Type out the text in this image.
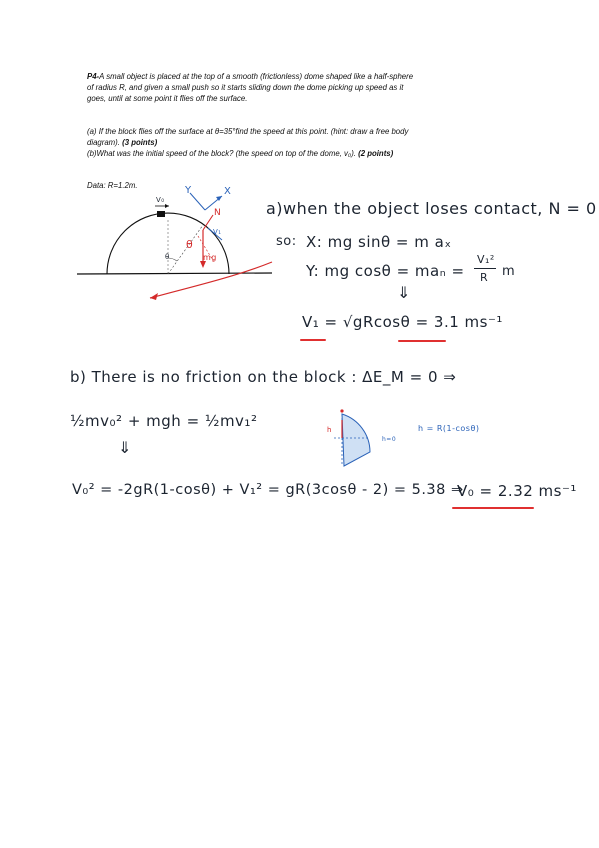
P4-A small object is placed at the top of a smooth (frictionless) dome shaped like a half-sphere
of radius R, and given a small push so it starts sliding down the dome picking up speed as it
goes, until at some point it flies off the surface.
(a) If the block flies off the surface at θ=35°find the speed at this point. (hint: draw a free body
diagram). (3 points)
(b)What was the initial speed of the block? (the speed on top of the dome, v₀). (2 points)
Data: R=1.2m.
V₀
Y	X
N
V₁
θ
θ	mg
a)when the object loses contact, N = 0
so: X: mg sinθ = m aₓ
Y: mg cosθ = maₙ =
V₁²
R m
⇓
V₁ = √gRcosθ = 3.1 ms⁻¹
b) There is no friction on the block : ΔE_M = 0 ⇒
½mv₀² + mgh = ½mv₁²
⇓
h
h=0
h = R(1-cosθ)
V₀² = -2gR(1-cosθ) + V₁² = gR(3cosθ - 2) = 5.38 ⇒
V₀ = 2.32 ms⁻¹
